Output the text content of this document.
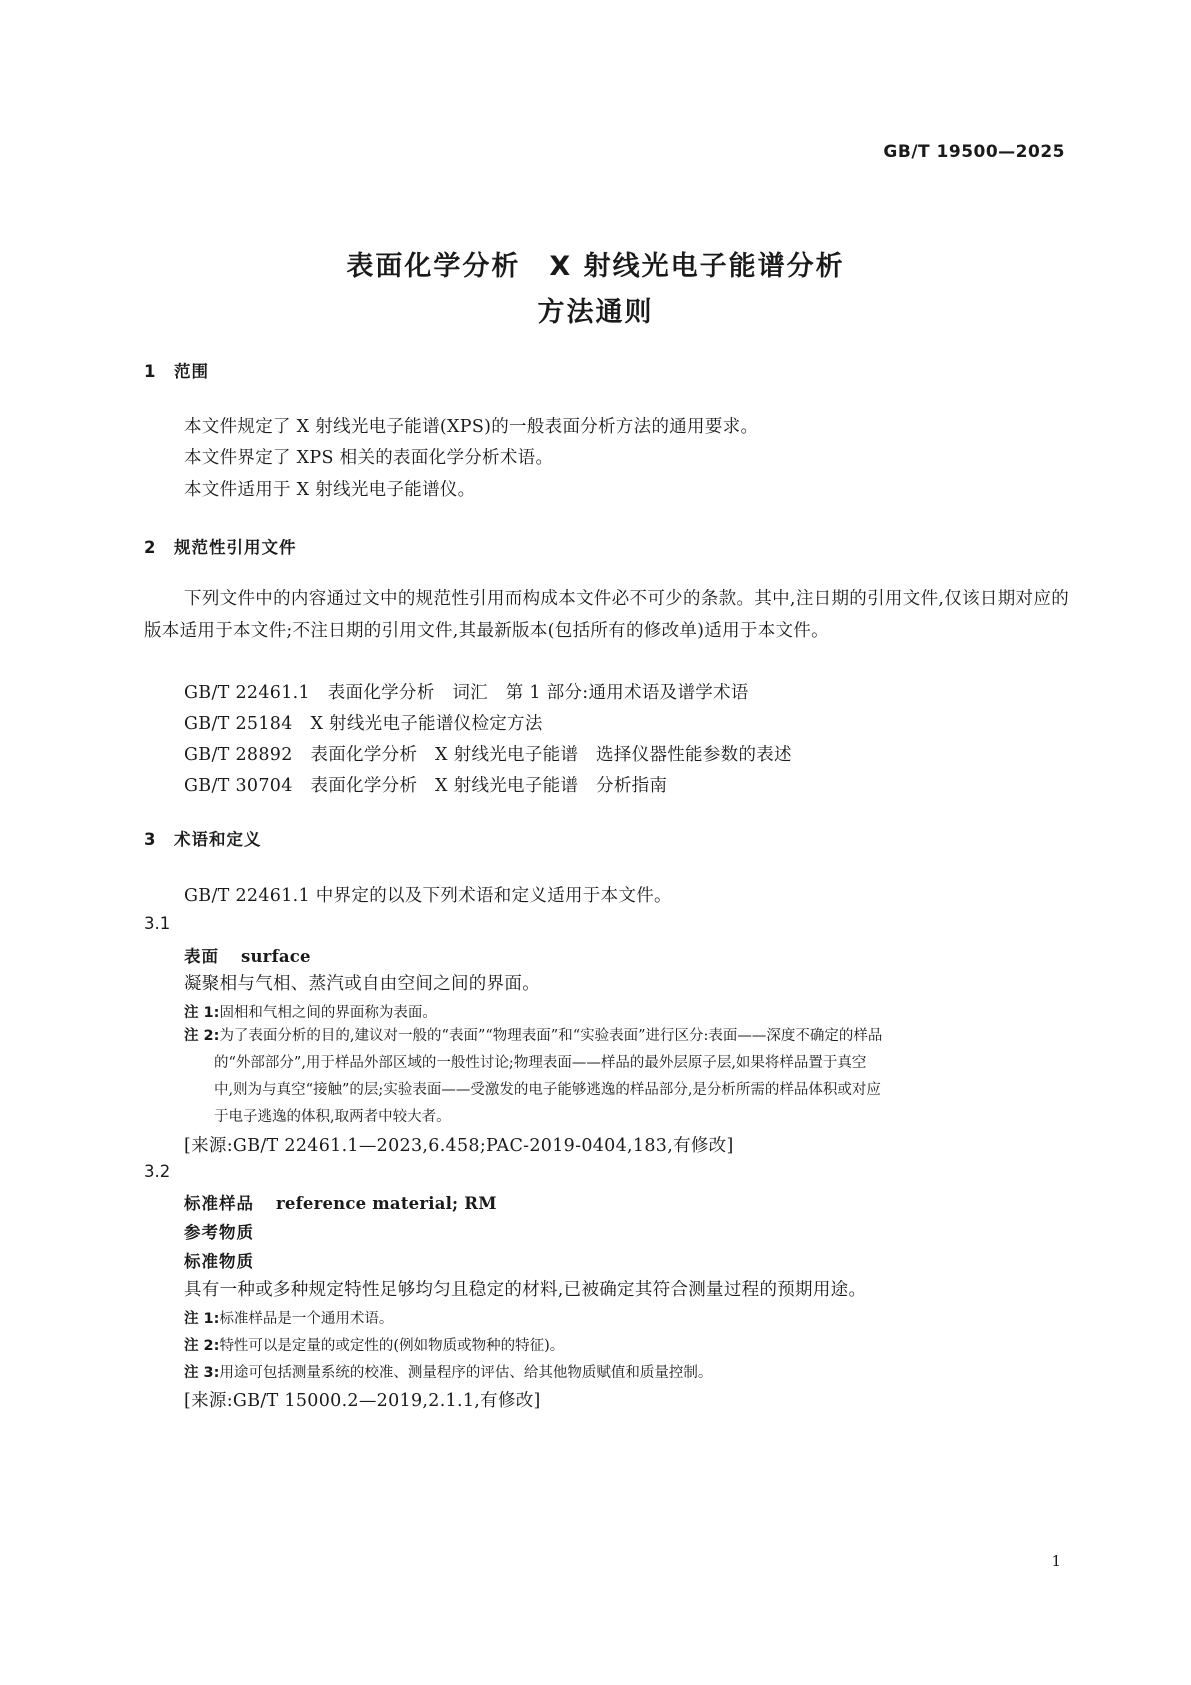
GB/T 19500—2025
表面化学分析　X 射线光电子能谱分析
方法通则
1 范围
本文件规定了 X 射线光电子能谱(XPS)的一般表面分析方法的通用要求。
本文件界定了 XPS 相关的表面化学分析术语。
本文件适用于 X 射线光电子能谱仪。
2 规范性引用文件
下列文件中的内容通过文中的规范性引用而构成本文件必不可少的条款。其中,注日期的引用文件,仅该日期对应的版本适用于本文件;不注日期的引用文件,其最新版本(包括所有的修改单)适用于本文件。
GB/T 22461.1　表面化学分析　词汇　第 1 部分:通用术语及谱学术语
GB/T 25184　X 射线光电子能谱仪检定方法
GB/T 28892　表面化学分析　X 射线光电子能谱　选择仪器性能参数的表述
GB/T 30704　表面化学分析　X 射线光电子能谱　分析指南
3 术语和定义
GB/T 22461.1 中界定的以及下列术语和定义适用于本文件。
3.1
表面 surface
凝聚相与气相、蒸汽或自由空间之间的界面。
注 1:固相和气相之间的界面称为表面。
注 2:为了表面分析的目的,建议对一般的“表面”“物理表面”和“实验表面”进行区分:表面——深度不确定的样品
的“外部部分”,用于样品外部区域的一般性讨论;物理表面——样品的最外层原子层,如果将样品置于真空
中,则为与真空“接触”的层;实验表面——受激发的电子能够逃逸的样品部分,是分析所需的样品体积或对应
于电子逃逸的体积,取两者中较大者。
[来源:GB/T 22461.1—2023,6.458;PAC-2019-0404,183,有修改]
3.2
标准样品 reference material; RM
参考物质
标准物质
具有一种或多种规定特性足够均匀且稳定的材料,已被确定其符合测量过程的预期用途。
注 1:标准样品是一个通用术语。
注 2:特性可以是定量的或定性的(例如物质或物种的特征)。
注 3:用途可包括测量系统的校准、测量程序的评估、给其他物质赋值和质量控制。
[来源:GB/T 15000.2—2019,2.1.1,有修改]
1
